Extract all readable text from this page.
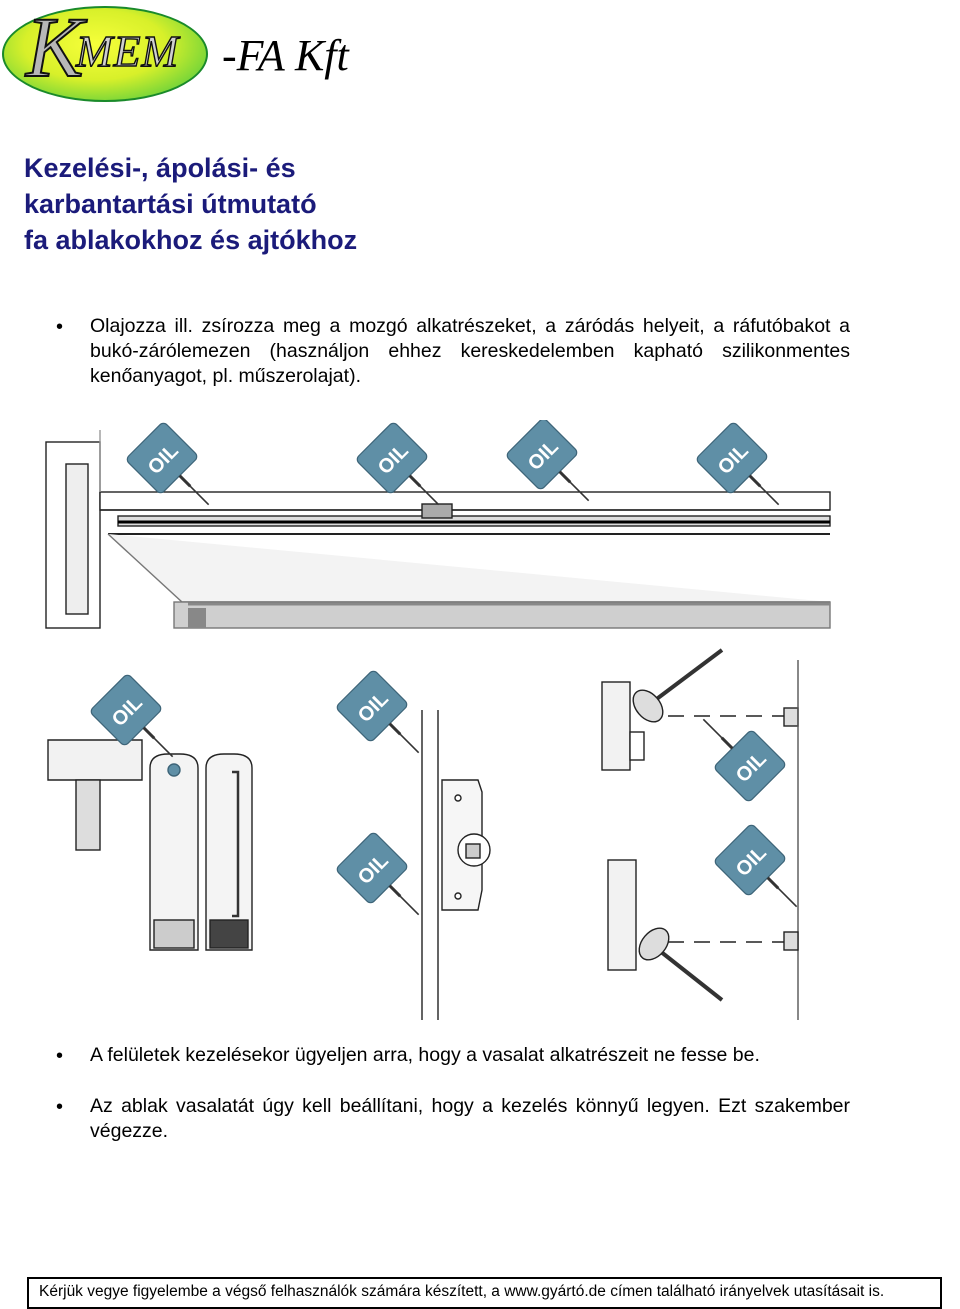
K
MEM -FA Kft
Kezelési-, ápolási- és
karbantartási útmutató
fa ablakokhoz és ajtókhoz
•	Olajozza ill. zsírozza meg a mozgó alkatrészeket, a záródás helyeit, a ráfutóbakot a bukó-zárólemezen (használjon ehhez kereskedelemben kapható szilikonmentes kenőanyagot, pl. műszerolajat).

OIL	OIL	OIL	OIL
OIL	OIL
OIL
OIL
OIL
•	A felületek kezelésekor ügyeljen arra, hogy a vasalat alkatrészeit ne fesse be.

•	Az ablak vasalatát úgy kell beállítani, hogy a kezelés könnyű legyen. Ezt szakember végezze.

Kérjük vegye figyelembe a végső felhasználók számára készített, a www.gyártó.de címen található irányelvek utasításait is.
